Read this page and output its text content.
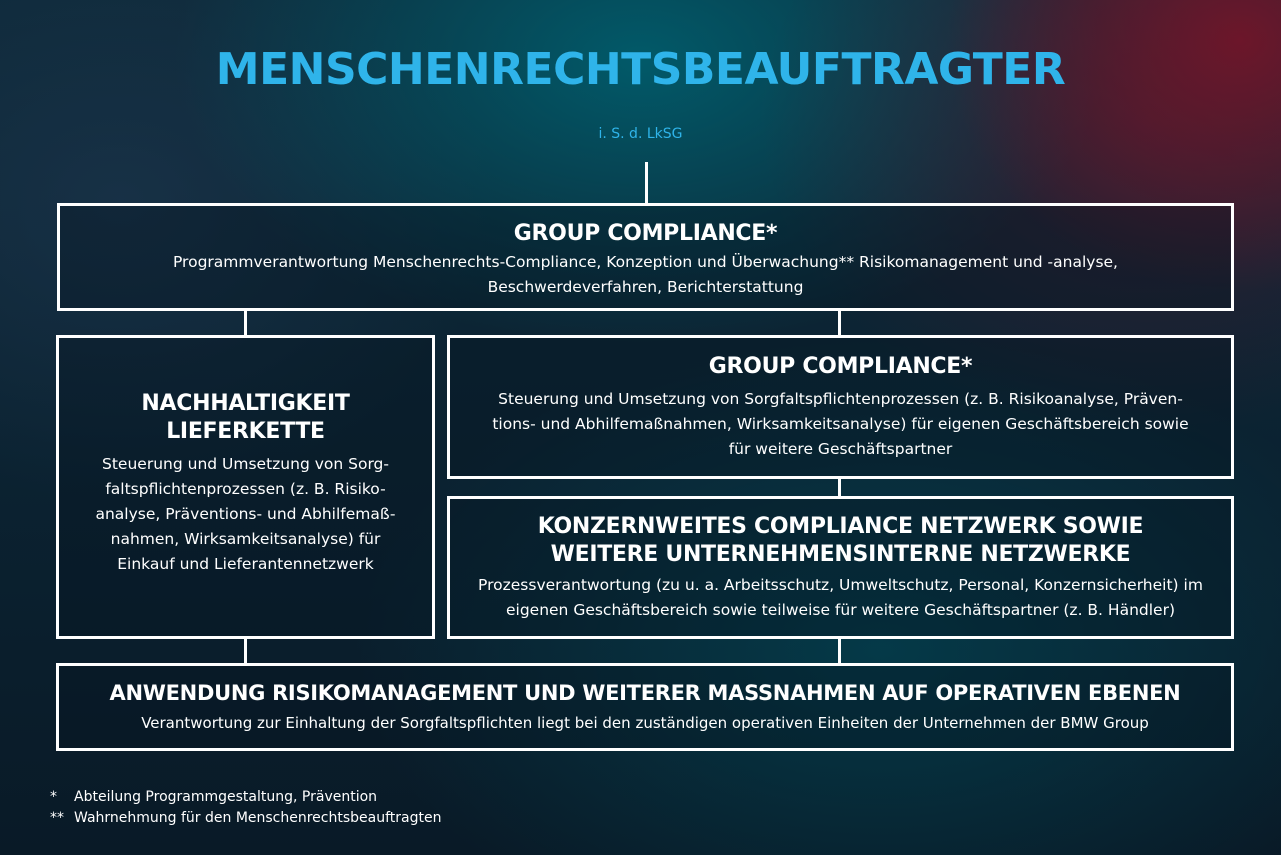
MENSCHENRECHTSBEAUFTRAGTER
i. S. d. LkSG
GROUP COMPLIANCE*

Programmverantwortung Menschenrechts-Compliance, Konzeption und Überwachung** Risikomanagement und -analyse,

Beschwerdeverfahren, Berichterstattung

NACHHALTIGKEIT
LIEFERKETTE

Steuerung und Umsetzung von Sorg-

faltspflichtenprozessen (z. B. Risiko-

analyse, Präventions- und Abhilfemaß-

nahmen, Wirksamkeitsanalyse) für

Einkauf und Lieferantennetzwerk

GROUP COMPLIANCE*

Steuerung und Umsetzung von Sorgfaltspflichtenprozessen (z. B. Risikoanalyse, Präven-

tions- und Abhilfemaßnahmen, Wirksamkeitsanalyse) für eigenen Geschäftsbereich sowie

für weitere Geschäftspartner

KONZERNWEITES COMPLIANCE NETZWERK SOWIE
WEITERE UNTERNEHMENSINTERNE NETZWERKE

Prozessverantwortung (zu u. a. Arbeitsschutz, Umweltschutz, Personal, Konzernsicherheit) im

eigenen Geschäftsbereich sowie teilweise für weitere Geschäftspartner (z. B. Händler)

ANWENDUNG RISIKOMANAGEMENT UND WEITERER MASSNAHMEN AUF OPERATIVEN EBENEN

Verantwortung zur Einhaltung der Sorgfaltspflichten liegt bei den zuständigen operativen Einheiten der Unternehmen der BMW Group

* Abteilung Programmgestaltung, Prävention
** Wahrnehmung für den Menschenrechtsbeauftragten
